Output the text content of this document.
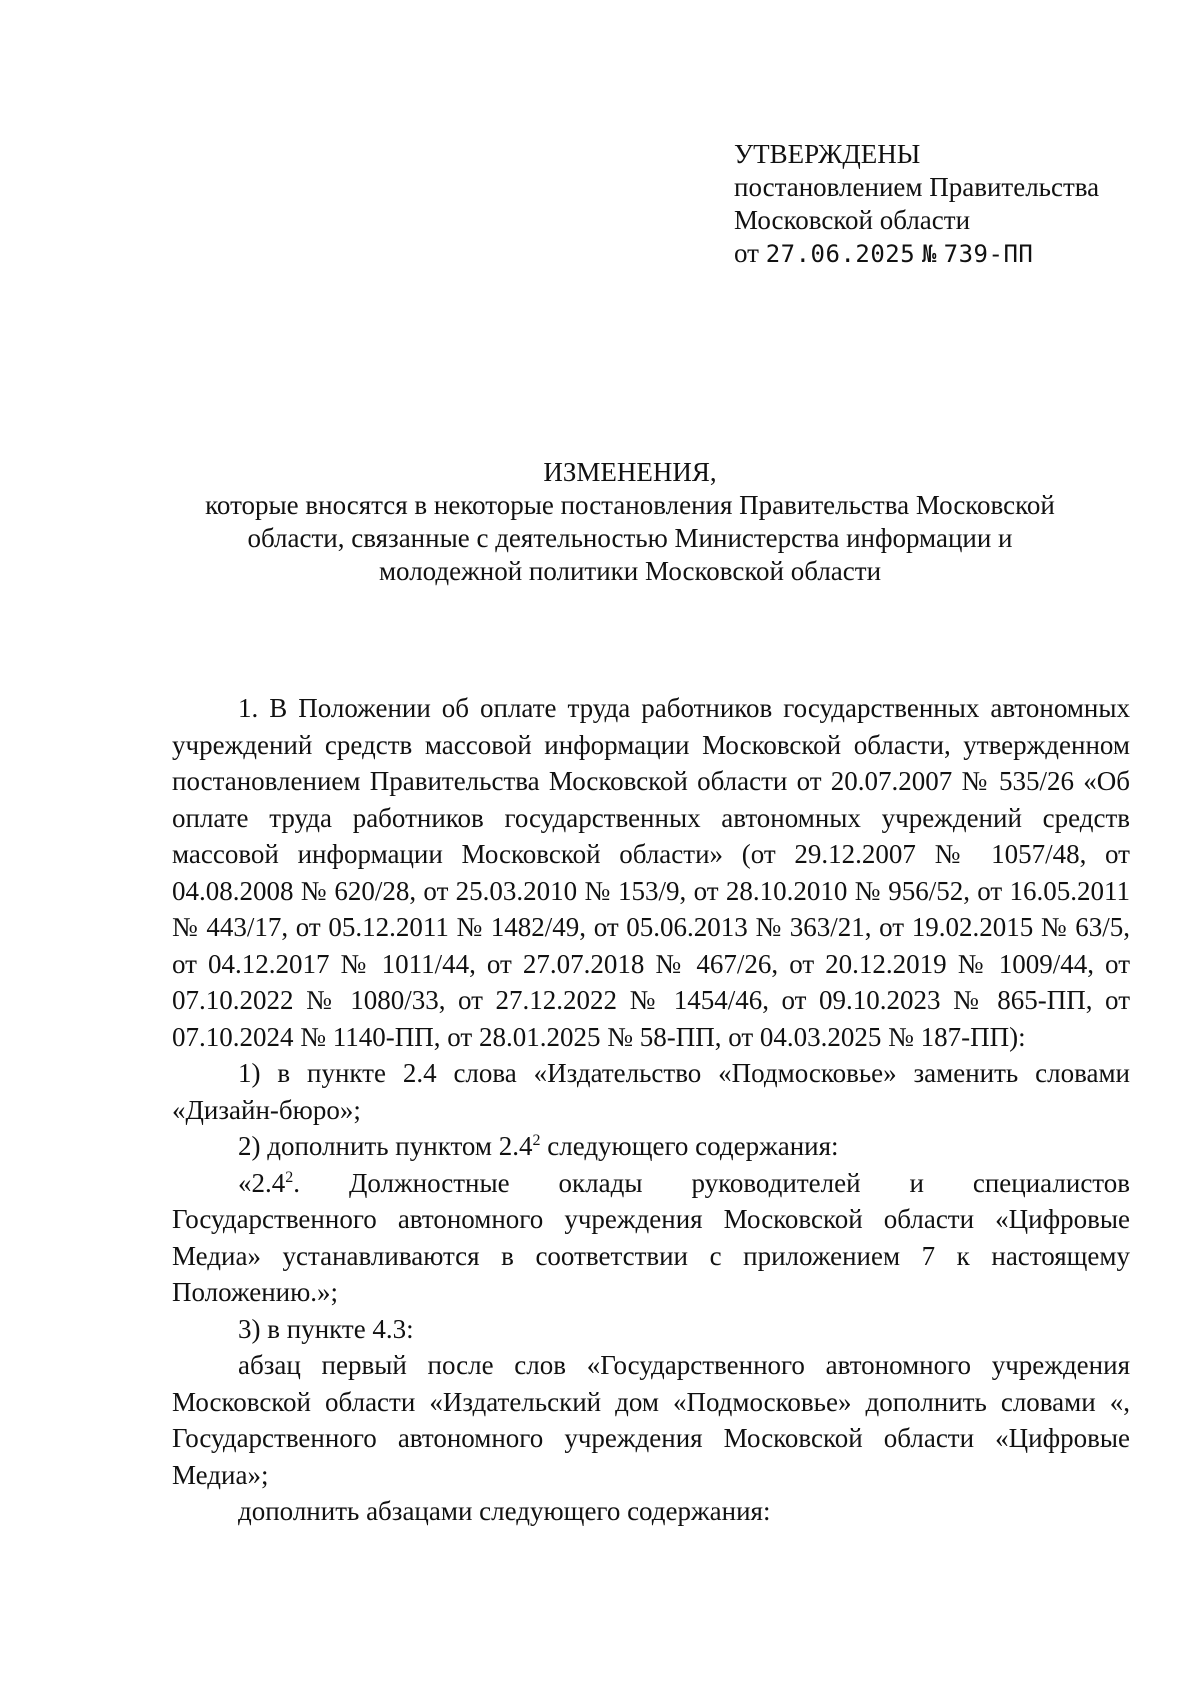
УТВЕРЖДЕНЫ
постановлением Правительства
Московской области
от 27.06.2025 № 739-ПП
ИЗМЕНЕНИЯ,
которые вносятся в некоторые постановления Правительства Московской
области, связанные с деятельностью Министерства информации и
молодежной политики Московской области

1. В Положении об оплате труда работников государственных автономных учреждений средств массовой информации Московской области, утвержденном постановлением Правительства Московской области от 20.07.2007 № 535/26 «Об оплате труда работников государственных автономных учреждений средств массовой информации Московской области» (от 29.12.2007 № 1057/48, от 04.08.2008 № 620/28, от 25.03.2010 № 153/9, от 28.10.2010 № 956/52, от 16.05.2011 № 443/17, от 05.12.2011 № 1482/49, от 05.06.2013 № 363/21, от 19.02.2015 № 63/5, от 04.12.2017 № 1011/44, от 27.07.2018 № 467/26, от 20.12.2019 № 1009/44, от 07.10.2022 № 1080/33, от 27.12.2022 № 1454/46, от 09.10.2023 № 865-ПП, от 07.10.2024 № 1140-ПП, от 28.01.2025 № 58-ПП, от 04.03.2025 № 187-ПП):

1) в пункте 2.4 слова «Издательство «Подмосковье» заменить словами «Дизайн-бюро»;

2) дополнить пунктом $2.4^2$ следующего содержания:

«$2.4^2$. Должностные оклады руководителей и специалистов Государственного автономного учреждения Московской области «Цифровые Медиа» устанавливаются в соответствии с приложением 7 к настоящему Положению.»;

3) в пункте 4.3:

абзац первый после слов «Государственного автономного учреждения Московской области «Издательский дом «Подмосковье» дополнить словами «, Государственного автономного учреждения Московской области «Цифровые Медиа»;

дополнить абзацами следующего содержания:
